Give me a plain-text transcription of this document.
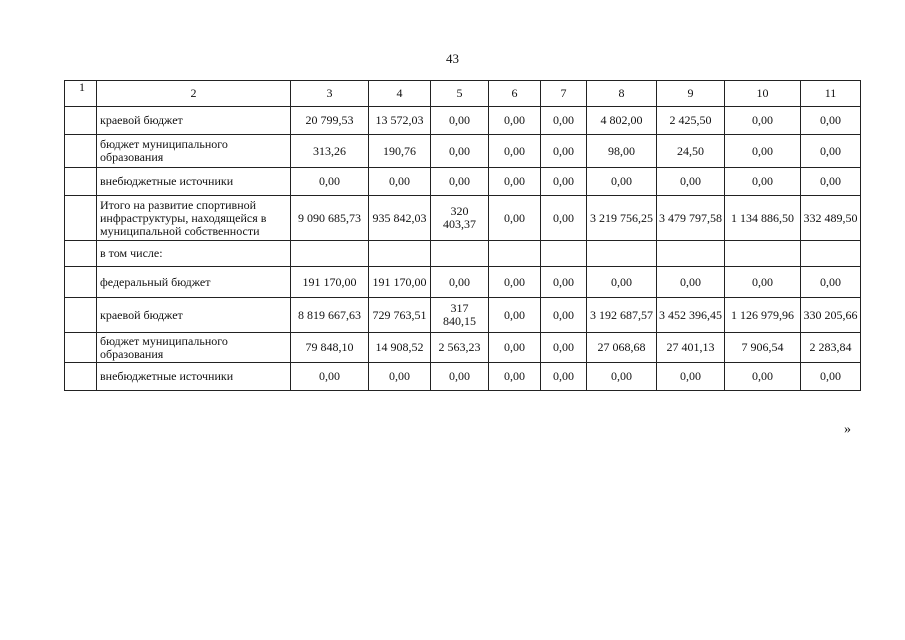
43
1	2	3	4	5	6	7	8	9	10	11
	краевой бюджет	20 799,53	13 572,03	0,00	0,00	0,00	4 802,00	2 425,50	0,00	0,00
	бюджет муниципального образования	313,26	190,76	0,00	0,00	0,00	98,00	24,50	0,00	0,00
	внебюджетные источники	0,00	0,00	0,00	0,00	0,00	0,00	0,00	0,00	0,00
	Итого на развитие спортивной инфраструктуры, находящейся в муниципальной собственности	9 090 685,73	935 842,03	320 403,37	0,00	0,00	3 219 756,25	3 479 797,58	1 134 886,50	332 489,50
	в том числе:									
	федеральный бюджет	191 170,00	191 170,00	0,00	0,00	0,00	0,00	0,00	0,00	0,00
	краевой бюджет	8 819 667,63	729 763,51	317 840,15	0,00	0,00	3 192 687,57	3 452 396,45	1 126 979,96	330 205,66
	бюджет муниципального образования	79 848,10	14 908,52	2 563,23	0,00	0,00	27 068,68	27 401,13	7 906,54	2 283,84
	внебюджетные источники	0,00	0,00	0,00	0,00	0,00	0,00	0,00	0,00	0,00
»
